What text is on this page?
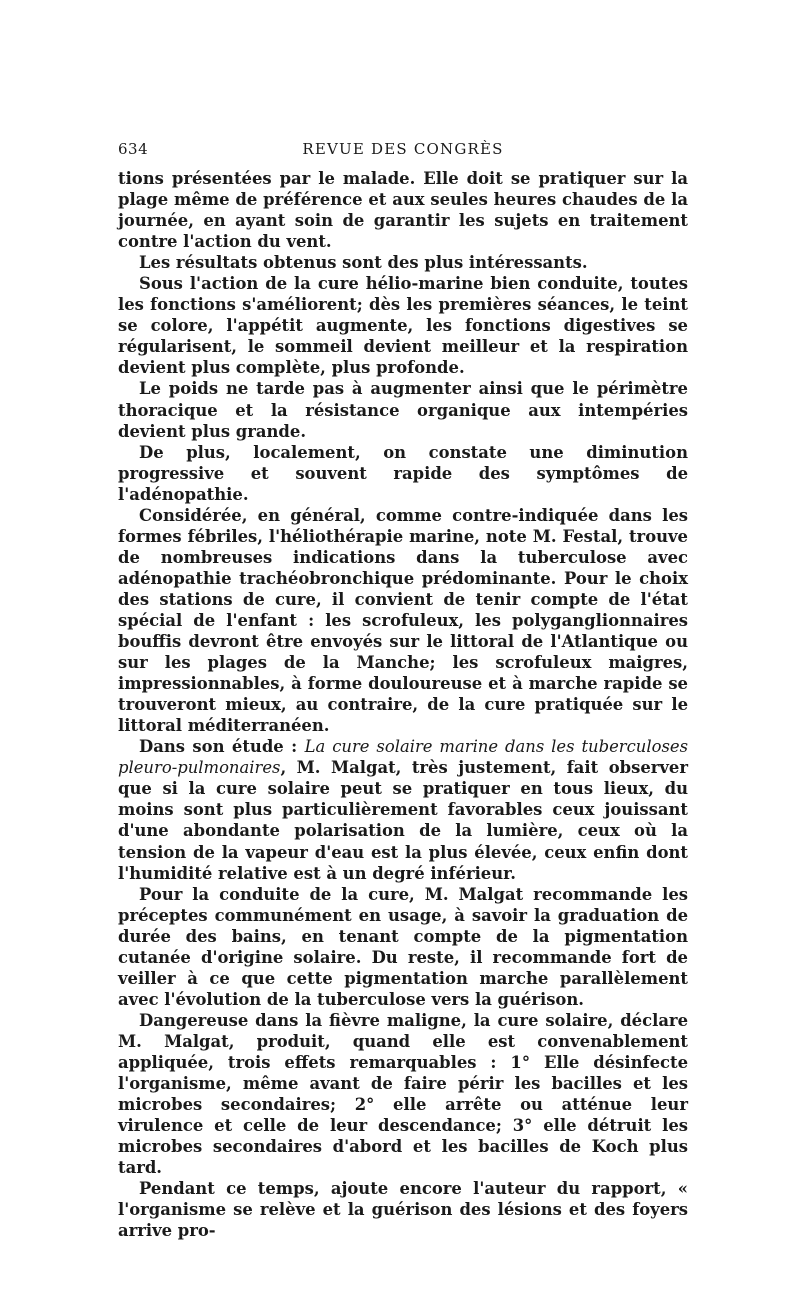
634	REVUE DES CONGRÈS

tions présentées par le malade. Elle doit se pratiquer sur la plage même de préférence et aux seules heures chaudes de la journée, en ayant soin de garantir les sujets en traitement contre l'action du vent.

Les résultats obtenus sont des plus intéressants.

Sous l'action de la cure hélio-marine bien conduite, toutes les fonctions s'améliorent; dès les premières séances, le teint se colore, l'appétit augmente, les fonctions digestives se régularisent, le sommeil devient meilleur et la respiration devient plus complète, plus profonde.

Le poids ne tarde pas à augmenter ainsi que le périmètre thoracique et la résistance organique aux intempéries devient plus grande.

De plus, localement, on constate une diminution progressive et souvent rapide des symptômes de l'adénopathie.

Considérée, en général, comme contre-indiquée dans les formes fébriles, l'héliothérapie marine, note M. Festal, trouve de nombreuses indications dans la tuberculose avec adénopathie trachéobronchique prédominante. Pour le choix des stations de cure, il convient de tenir compte de l'état spécial de l'enfant : les scrofuleux, les polyganglionnaires bouffis devront être envoyés sur le littoral de l'Atlantique ou sur les plages de la Manche; les scrofuleux maigres, impressionnables, à forme douloureuse et à marche rapide se trouveront mieux, au contraire, de la cure pratiquée sur le littoral méditerranéen.

Dans son étude : La cure solaire marine dans les tuberculoses pleuro-pulmonaires, M. Malgat, très justement, fait observer que si la cure solaire peut se pratiquer en tous lieux, du moins sont plus particulièrement favorables ceux jouissant d'une abondante polarisation de la lumière, ceux où la tension de la vapeur d'eau est la plus élevée, ceux enfin dont l'humidité relative est à un degré inférieur.

Pour la conduite de la cure, M. Malgat recommande les préceptes communément en usage, à savoir la graduation de durée des bains, en tenant compte de la pigmentation cutanée d'origine solaire. Du reste, il recommande fort de veiller à ce que cette pigmentation marche parallèlement avec l'évolution de la tuberculose vers la guérison.

Dangereuse dans la fièvre maligne, la cure solaire, déclare M. Malgat, produit, quand elle est convenablement appliquée, trois effets remarquables : 1° Elle désinfecte l'organisme, même avant de faire périr les bacilles et les microbes secondaires; 2° elle arrête ou atténue leur virulence et celle de leur descendance; 3° elle détruit les microbes secondaires d'abord et les bacilles de Koch plus tard.

Pendant ce temps, ajoute encore l'auteur du rapport, « l'organisme se relève et la guérison des lésions et des foyers arrive pro-
